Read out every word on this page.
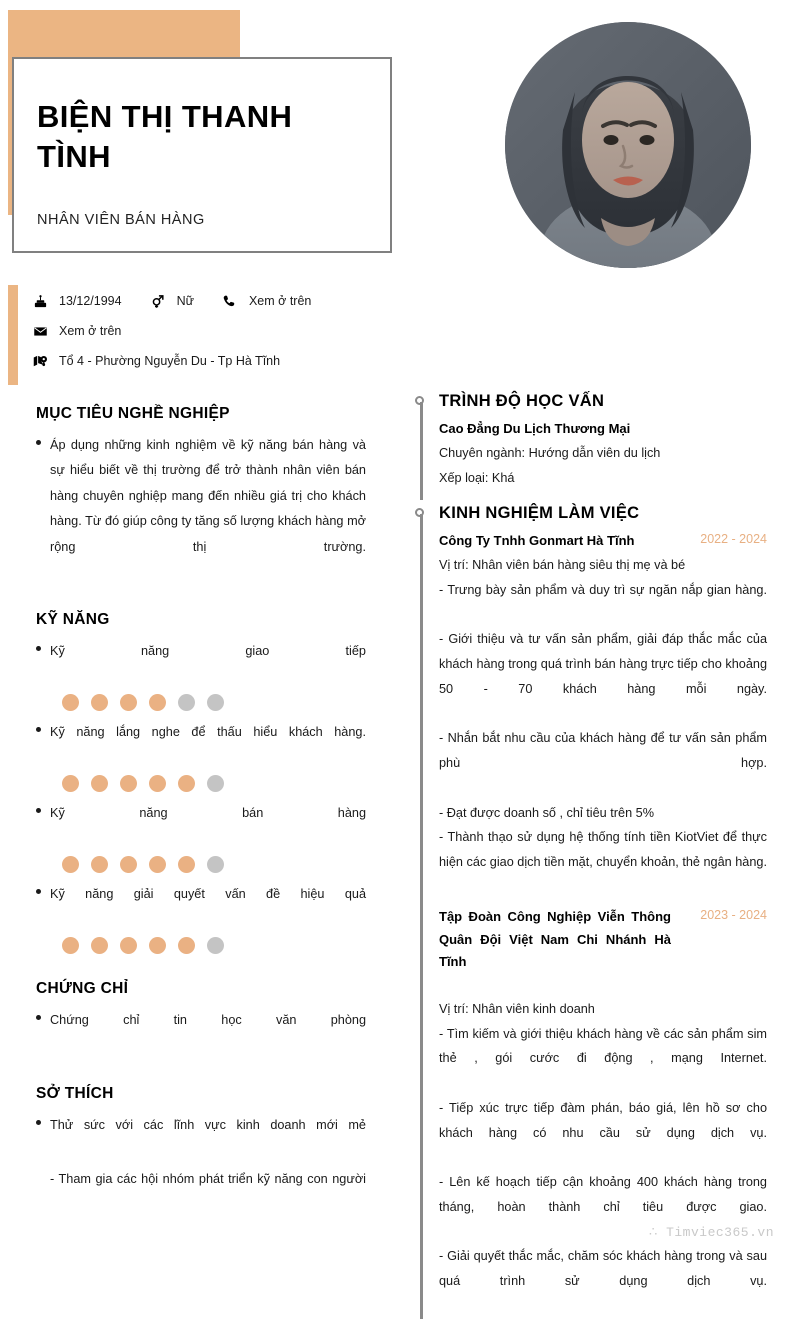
BIỆN THỊ THANH TÌNH
NHÂN VIÊN BÁN HÀNG
13/12/1994	Nữ	Xem ở trên
Xem ở trên
Tổ 4 - Phường Nguyễn Du - Tp Hà Tĩnh
MỤC TIÊU NGHỀ NGHIỆP
Áp dụng những kinh nghiệm về kỹ năng bán hàng và sự hiểu biết về thị trường để trở thành nhân viên bán hàng chuyên nghiệp mang đến nhiều giá trị cho khách hàng. Từ đó giúp công ty tăng số lượng khách hàng mở rộng thị trường.
KỸ NĂNG
Kỹ năng giao tiếp
Kỹ năng lắng nghe để thấu hiểu khách hàng.
Kỹ năng bán hàng
Kỹ năng giải quyết vấn đề hiệu quả
CHỨNG CHỈ
Chứng chỉ tin học văn phòng
SỞ THÍCH
Thử sức với các lĩnh vực kinh doanh mới mẻ
- Tham gia các hội nhóm phát triển kỹ năng con người
TRÌNH ĐỘ HỌC VẤN
Cao Đẳng Du Lịch Thương Mại
Chuyên ngành: Hướng dẫn viên du lịch
Xếp loại: Khá
KINH NGHIỆM LÀM VIỆC
Công Ty Tnhh Gonmart Hà Tĩnh	2022 - 2024
Vị trí: Nhân viên bán hàng siêu thị mẹ và bé
- Trưng bày sản phẩm và duy trì sự ngăn nắp gian hàng.
- Giới thiệu và tư vấn sản phẩm, giải đáp thắc mắc của khách hàng trong quá trình bán hàng trực tiếp cho khoảng 50 - 70 khách hàng mỗi ngày.
- Nhắn bắt nhu cầu của khách hàng để tư vấn sản phẩm phù hợp.
- Đạt được doanh số , chỉ tiêu trên 5%
- Thành thạo sử dụng hệ thống tính tiền KiotViet để thực hiện các giao dịch tiền mặt, chuyển khoản, thẻ ngân hàng.
Tập Đoàn Công Nghiệp Viễn Thông Quân Đội Việt Nam Chi Nhánh Hà Tĩnh
2023 - 2024
Vị trí: Nhân viên kinh doanh
- Tìm kiếm và giới thiệu khách hàng về các sản phẩm sim thẻ , gói cước đi động , mạng Internet.
- Tiếp xúc trực tiếp đàm phán, báo giá, lên hồ sơ cho khách hàng có nhu cầu sử dụng dịch vụ.
- Lên kế hoạch tiếp cận khoảng 400 khách hàng trong tháng, hoàn thành chỉ tiêu được giao.
- Giải quyết thắc mắc, chăm sóc khách hàng trong và sau quá trình sử dụng dịch vụ.
∴ Timviec365.vn
